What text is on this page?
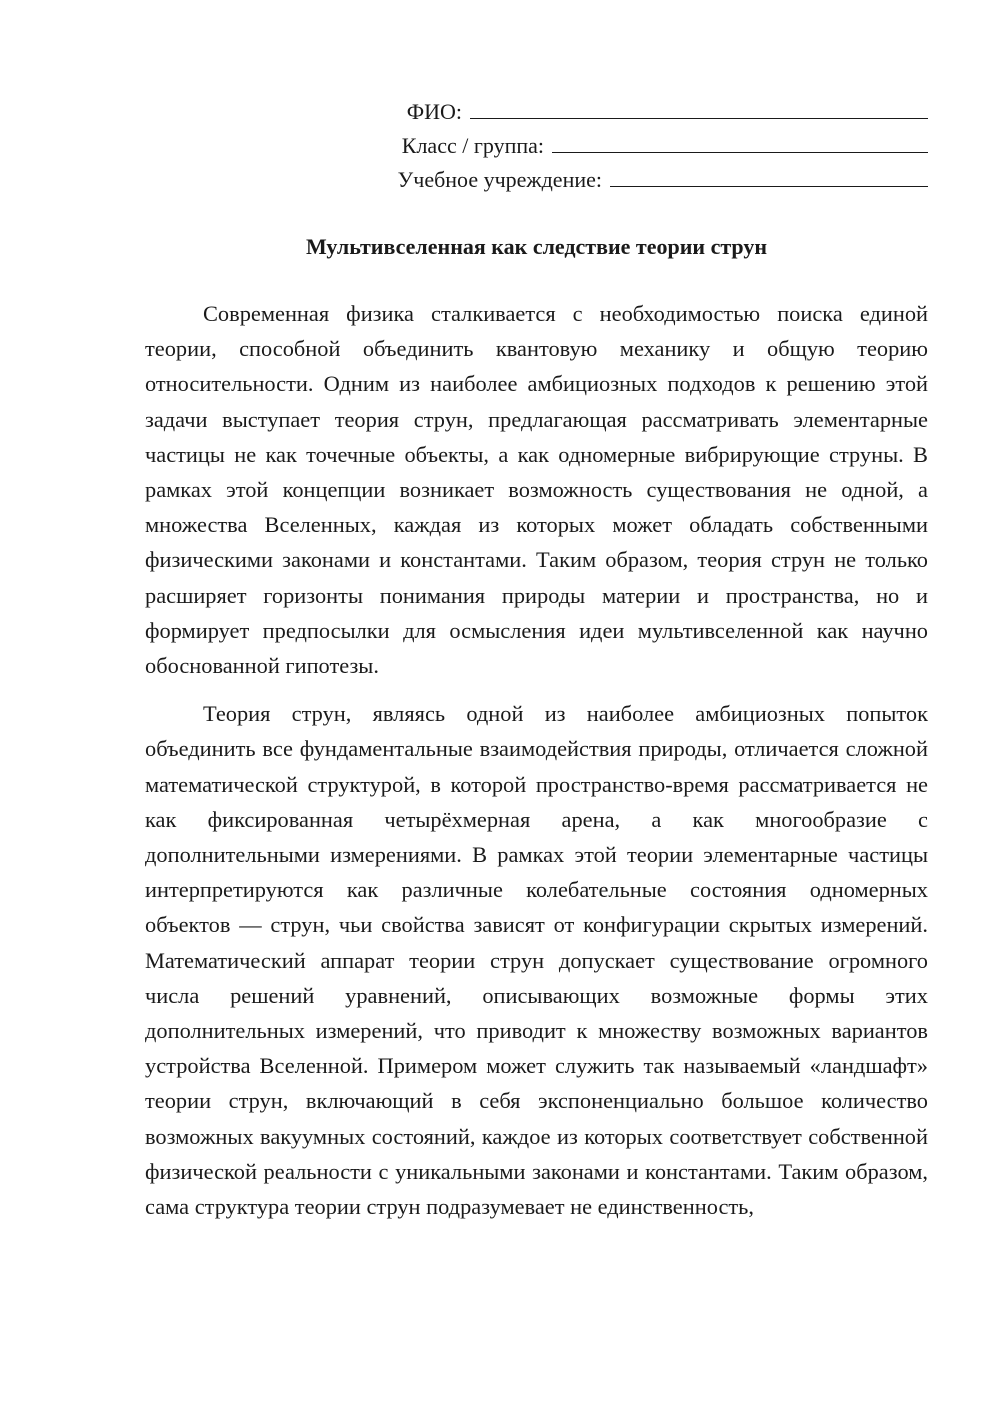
ФИО:
Класс / группа:
Учебное учреждение:
Мультивселенная как следствие теории струн

Современная физика сталкивается с необходимостью поиска единой теории, способной объединить квантовую механику и общую теорию относительности. Одним из наиболее амбициозных подходов к решению этой задачи выступает теория струн, предлагающая рассматривать элементарные частицы не как точечные объекты, а как одномерные вибрирующие струны. В рамках этой концепции возникает возможность существования не одной, а множества Вселенных, каждая из которых может обладать собственными физическими законами и константами. Таким образом, теория струн не только расширяет горизонты понимания природы материи и пространства, но и формирует предпосылки для осмысления идеи мультивселенной как научно обоснованной гипотезы.

Теория струн, являясь одной из наиболее амбициозных попыток объединить все фундаментальные взаимодействия природы, отличается сложной математической структурой, в которой пространство-время рассматривается не как фиксированная четырёхмерная арена, а как многообразие с дополнительными измерениями. В рамках этой теории элементарные частицы интерпретируются как различные колебательные состояния одномерных объектов — струн, чьи свойства зависят от конфигурации скрытых измерений. Математический аппарат теории струн допускает существование огромного числа решений уравнений, описывающих возможные формы этих дополнительных измерений, что приводит к множеству возможных вариантов устройства Вселенной. Примером может служить так называемый «ландшафт» теории струн, включающий в себя экспоненциально большое количество возможных вакуумных состояний, каждое из которых соответствует собственной физической реальности с уникальными законами и константами. Таким образом, сама структура теории струн подразумевает не единственность,
